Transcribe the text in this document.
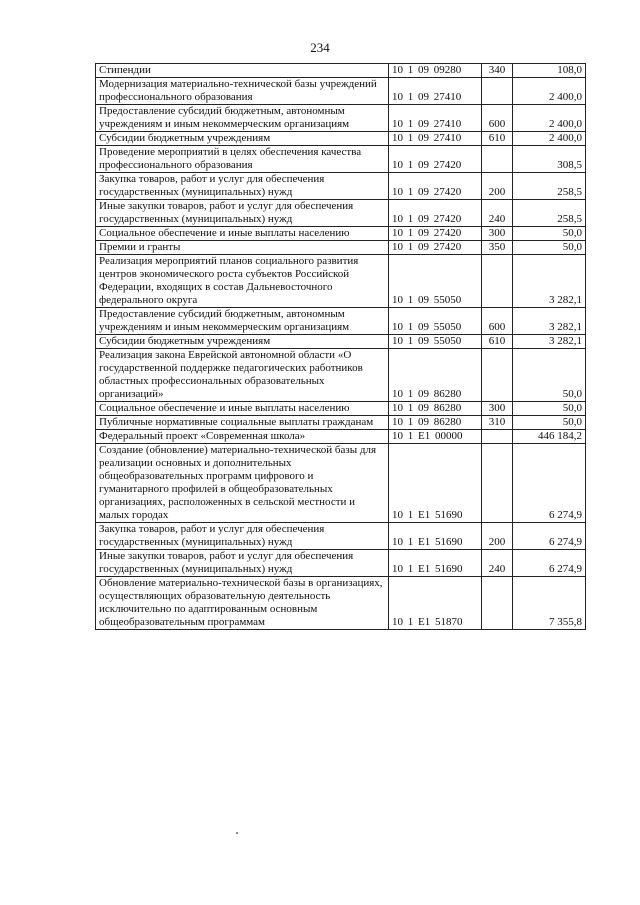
234
Стипендии	10 1 09 09280	340	108,0
Модернизация материально-технической базы учреждений профессионального образования	10 1 09 27410		2 400,0
Предоставление субсидий бюджетным, автономным учреждениям и иным некоммерческим организациям	10 1 09 27410	600	2 400,0
Субсидии бюджетным учреждениям	10 1 09 27410	610	2 400,0
Проведение мероприятий в целях обеспечения качества профессионального образования	10 1 09 27420		308,5
Закупка товаров, работ и услуг для обеспечения государственных (муниципальных) нужд	10 1 09 27420	200	258,5
Иные закупки товаров, работ и услуг для обеспечения государственных (муниципальных) нужд	10 1 09 27420	240	258,5
Социальное обеспечение и иные выплаты населению	10 1 09 27420	300	50,0
Премии и гранты	10 1 09 27420	350	50,0
Реализация мероприятий планов социального развития центров экономического роста субъектов Российской Федерации, входящих в состав Дальневосточного федерального округа	10 1 09 55050		3 282,1
Предоставление субсидий бюджетным, автономным учреждениям и иным некоммерческим организациям	10 1 09 55050	600	3 282,1
Субсидии бюджетным учреждениям	10 1 09 55050	610	3 282,1
Реализация закона Еврейской автономной области «О государственной поддержке педагогических работников областных профессиональных образовательных организаций»	10 1 09 86280		50,0
Социальное обеспечение и иные выплаты населению	10 1 09 86280	300	50,0
Публичные нормативные социальные выплаты гражданам	10 1 09 86280	310	50,0
Федеральный проект «Современная школа»	10 1 E1 00000		446 184,2
Создание (обновление) материально-технической базы для реализации основных и дополнительных общеобразовательных программ цифрового и гуманитарного профилей в общеобразовательных организациях, расположенных в сельской местности и малых городах	10 1 E1 51690		6 274,9
Закупка товаров, работ и услуг для обеспечения государственных (муниципальных) нужд	10 1 E1 51690	200	6 274,9
Иные закупки товаров, работ и услуг для обеспечения государственных (муниципальных) нужд	10 1 E1 51690	240	6 274,9
Обновление материально-технической базы в организациях, осуществляющих образовательную деятельность исключительно по адаптированным основным общеобразовательным программам	10 1 E1 51870		7 355,8
